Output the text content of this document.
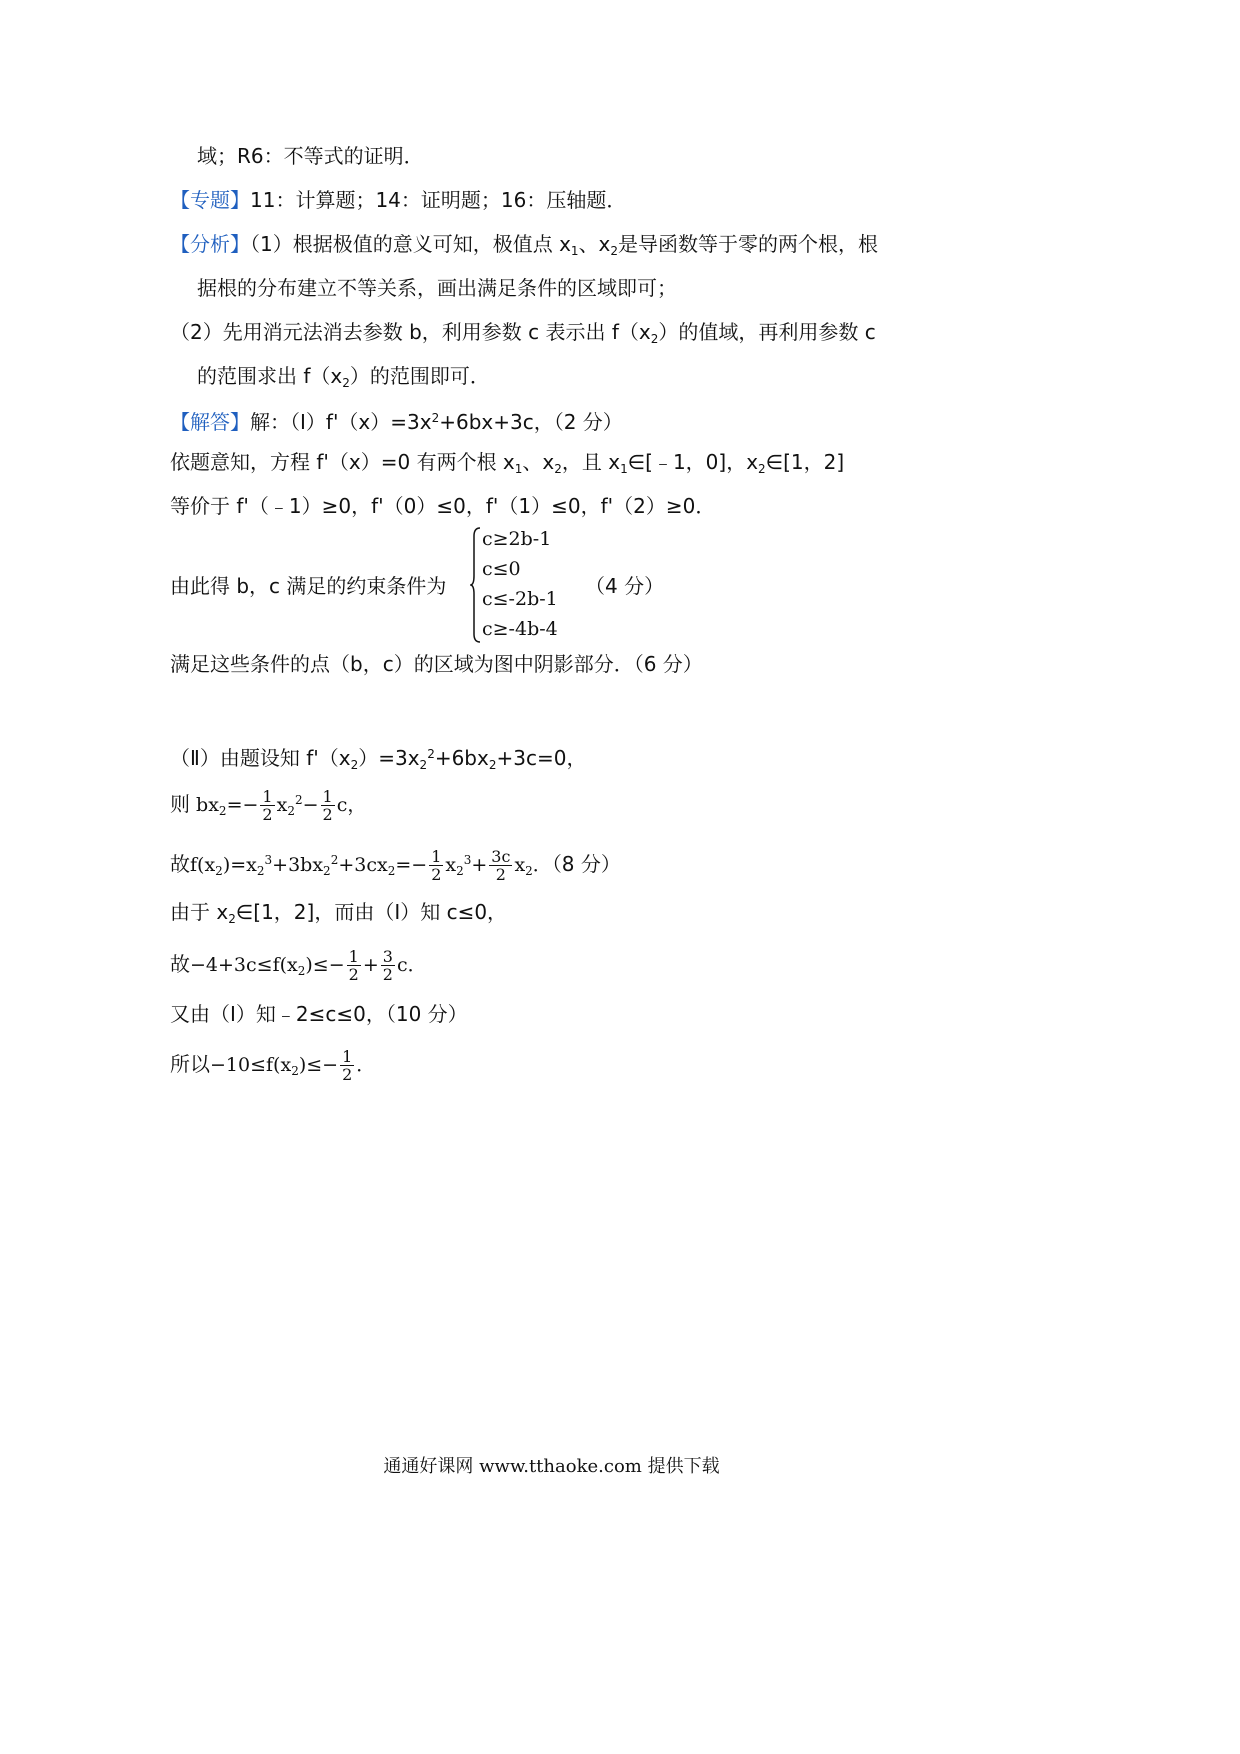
域；R6：不等式的证明．
【专题】11：计算题；14：证明题；16：压轴题．
【分析】（1）根据极值的意义可知，极值点 $x_1$、$x_2$是导函数等于零的两个根，根
据根的分布建立不等关系，画出满足条件的区域即可；
（2）先用消元法消去参数 b，利用参数 c 表示出 $f(x_2)$的值域，再利用参数 c
的范围求出 $f(x_2)$的范围即可．
【解答】解：$(Ⅰ)f'(x)=3x^2+6bx+3c$，（2 分）
依题意知，方程 f'（x）=0 有两个根 $x_1$、$x_2$，且 $x_1\in[﹣1$，0]，$x_2\in[1$，2]
等价于 f'（﹣1）≥0，f'（0）≤0，f'（1）≤0，f'（2）≥0．
由此得 b，c 满足的约束条件为
c≥2b-1
c≤0
c≤-2b-1
c≥-4b-4
（4 分）
满足这些条件的点（b，c）的区域为图中阴影部分．（6 分）
（Ⅱ）由题设知 $f'(x_2)=3x_2^2+6bx_2+3c=0$，
则 $bx_2=- \frac{1}{2} x_2^2- \frac{1}{2}$ c，
故$f(x_2)=x_2^3+3bx_2^2+3cx_2=- \frac{1}{2} x_2^3+ \frac{3c}{2} x_2$．（8 分）
由于 $x_2\in[1$，2]，而由（Ⅰ）知 c≤0，
故$-4+3c\le f(x_2)\le- \frac{1}{2} + \frac{3}{2}$ c．
又由（Ⅰ）知﹣2≤c≤0，（10 分）
所以$-10\le f(x_2)\le- \frac{1}{2}$ ．
通通好课网 www.tthaoke.com 提供下载
